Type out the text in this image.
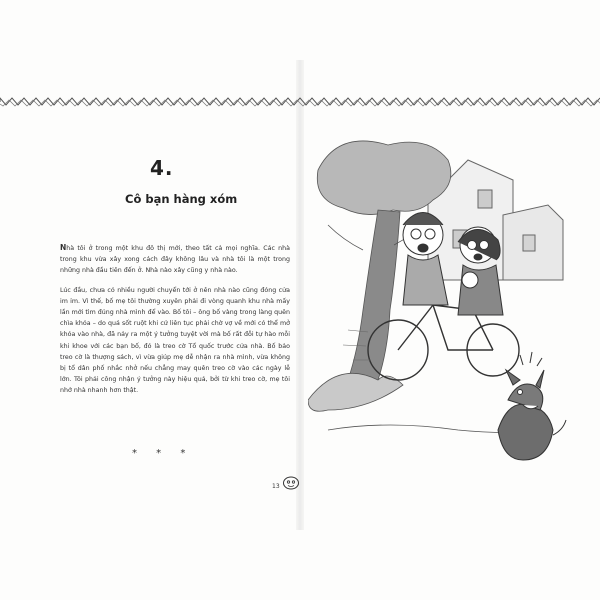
4.
Cô bạn hàng xóm

Nhà tôi ở trong một khu đô thị mới, theo tất cả mọi nghĩa. Các nhà trong khu vừa xây xong cách đây không lâu và nhà tôi là một trong những nhà đầu tiên đến ở. Nhà nào xây cũng y nhà nào.

Lúc đầu, chưa có nhiều người chuyển tới ở nên nhà nào cũng đóng cửa im ỉm. Vì thế, bố mẹ tôi thường xuyên phải đi vòng quanh khu nhà mấy lần mới tìm đúng nhà mình để vào. Bố tôi – ông bố vàng trong làng quên chìa khóa – do quá sốt ruột khi cứ liên tục phải chờ vợ về mới có thể mở khóa vào nhà, đã nảy ra một ý tưởng tuyệt vời mà bố rất đỗi tự hào mỗi khi khoe với các bạn bố, đó là treo cờ Tổ quốc trước cửa nhà. Bố bảo treo cờ là thượng sách, vì vừa giúp mẹ dễ nhận ra nhà mình, vừa không bị tổ dân phố nhắc nhở nếu chẳng may quên treo cờ vào các ngày lễ lớn. Tôi phải công nhận ý tưởng này hiệu quả, bởi từ khi treo cờ, mẹ tôi nhớ nhà nhanh hơn thật.

* * *
13
